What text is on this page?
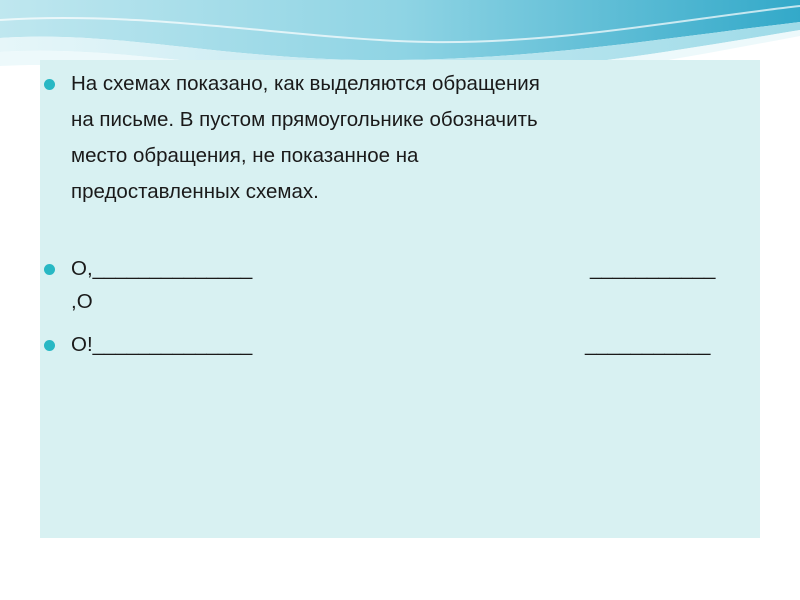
На схемах показано, как выделяются обращения
на письме. В пустом прямоугольнике обозначить
место обращения, не показанное на
предоставленных схемах.
О,______________	___________
,О
О!______________	___________
